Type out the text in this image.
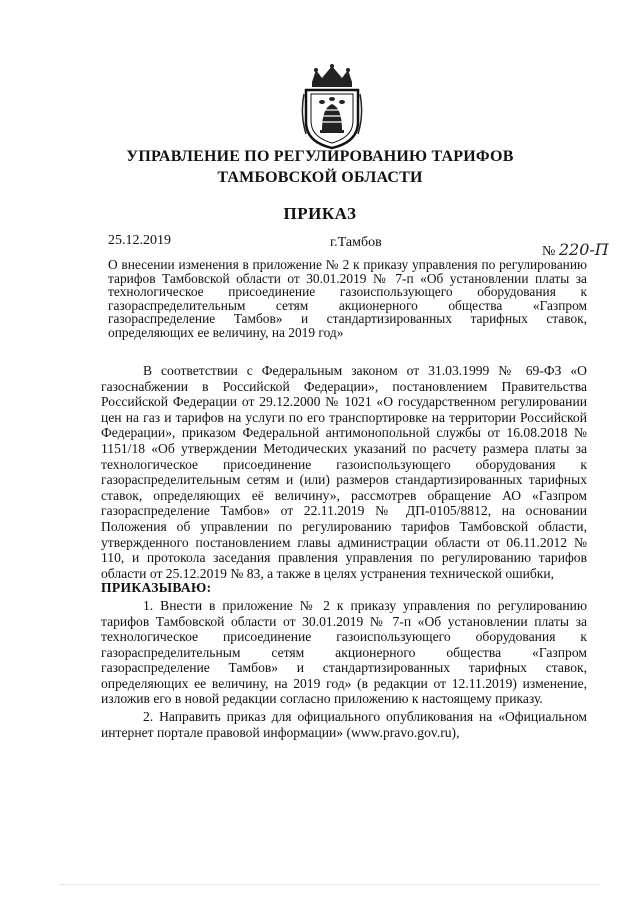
УПРАВЛЕНИЕ ПО РЕГУЛИРОВАНИЮ ТАРИФОВ
ТАМБОВСКОЙ ОБЛАСТИ
ПРИКАЗ
25.12.2019	г.Тамбов
№ 220-П
О внесении изменения в приложение № 2 к приказу управления по регулированию тарифов Тамбовской области от 30.01.2019 № 7-п «Об установлении платы за технологическое присоединение газоиспользующего оборудования к газораспределительным сетям акционерного общества «Газпром газораспределение Тамбов» и стандартизированных тарифных ставок, определяющих ее величину, на 2019 год»

В соответствии с Федеральным законом от 31.03.1999 № 69-ФЗ «О газоснабжении в Российской Федерации», постановлением Правительства Российской Федерации от 29.12.2000 № 1021 «О государственном регулировании цен на газ и тарифов на услуги по его транспортировке на территории Российской Федерации», приказом Федеральной антимонопольной службы от 16.08.2018 № 1151/18 «Об утверждении Методических указаний по расчету размера платы за технологическое присоединение газоиспользующего оборудования к газораспределительным сетям и (или) размеров стандартизированных тарифных ставок, определяющих её величину», рассмотрев обращение АО «Газпром газораспределение Тамбов» от 22.11.2019 № ДП-0105/8812, на основании Положения об управлении по регулированию тарифов Тамбовской области, утвержденного постановлением главы администрации области от 06.11.2012 № 110, и протокола заседания правления управления по регулированию тарифов области от 25.12.2019 № 83, а также в целях устранения технической ошибки,

ПРИКАЗЫВАЮ:

1. Внести в приложение № 2 к приказу управления по регулированию тарифов Тамбовской области от 30.01.2019 № 7-п «Об установлении платы за технологическое присоединение газоиспользующего оборудования к газораспределительным сетям акционерного общества «Газпром газораспределение Тамбов» и стандартизированных тарифных ставок, определяющих ее величину, на 2019 год» (в редакции от 12.11.2019) изменение, изложив его в новой редакции согласно приложению к настоящему приказу.

2. Направить приказ для официального опубликования на «Официальном интернет портале правовой информации» (www.pravo.gov.ru),
